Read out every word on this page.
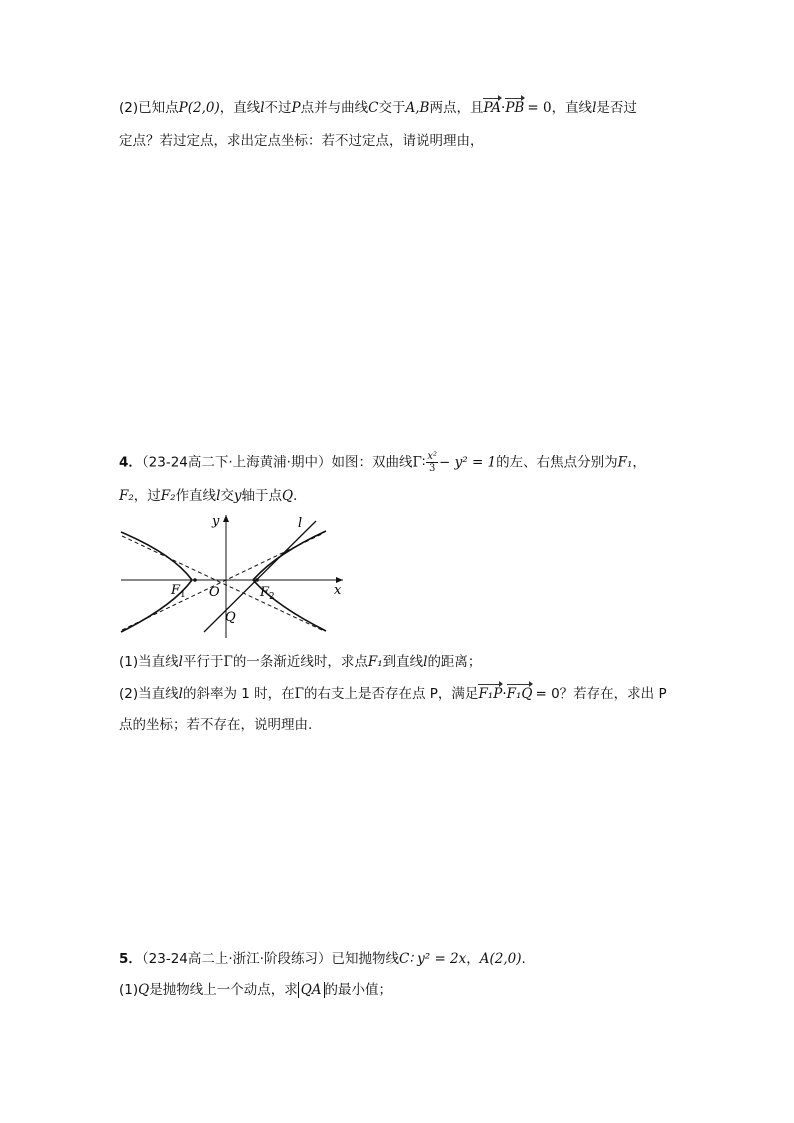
(2)已知点P(2,0)，直线l不过P点并与曲线C交于A,B两点，且PA·PB = 0，直线l是否过
定点？若过定点，求出定点坐标：若不过定点，请说明理由，
4．（23-24高二下·上海黄浦·期中）如图：双曲线Γ∶ $\frac{\text{x²}}{3} - y^2 = 1$的左、右焦点分别为F₁，
F₂，过F₂作直线l交y轴于点Q．
y
x
l
$F_1$ O	$F_2$
Q
(1)当直线l平行于Γ的一条渐近线时，求点F₁到直线l的距离；
(2)当直线l的斜率为 1 时，在Γ的右支上是否存在点 P，满足F₁P·F₁Q = 0？若存在，求出 P
点的坐标；若不存在，说明理由.
5．（23-24高二上·浙江·阶段练习）已知抛物线C∶ y² = 2x，A(2,0).
(1)Q是抛物线上一个动点，求 QA 的最小值；
